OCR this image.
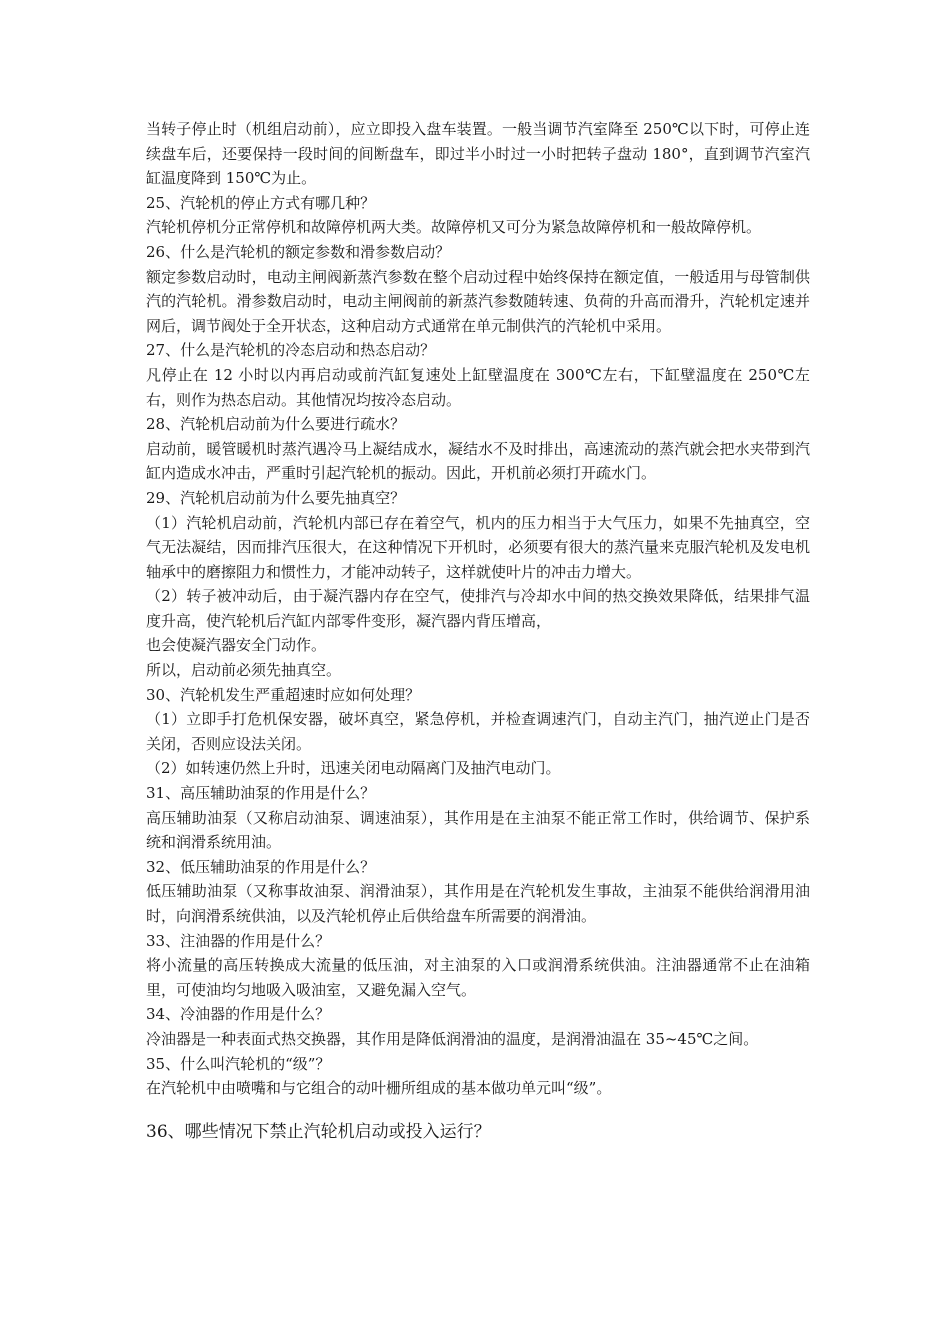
当转子停止时（机组启动前），应立即投入盘车装置。一般当调节汽室降至 250℃以下时，可停止连续盘车后，还要保持一段时间的间断盘车，即过半小时过一小时把转子盘动 180°，直到调节汽室汽缸温度降到 150℃为止。

25、汽轮机的停止方式有哪几种？

汽轮机停机分正常停机和故障停机两大类。故障停机又可分为紧急故障停机和一般故障停机。

26、什么是汽轮机的额定参数和滑参数启动？

额定参数启动时，电动主闸阀新蒸汽参数在整个启动过程中始终保持在额定值，一般适用与母管制供汽的汽轮机。滑参数启动时，电动主闸阀前的新蒸汽参数随转速、负荷的升高而滑升，汽轮机定速并网后，调节阀处于全开状态，这种启动方式通常在单元制供汽的汽轮机中采用。

27、什么是汽轮机的冷态启动和热态启动？

凡停止在 12 小时以内再启动或前汽缸复速处上缸壁温度在 300℃左右，下缸壁温度在 250℃左右，则作为热态启动。其他情况均按冷态启动。

28、汽轮机启动前为什么要进行疏水？

启动前，暖管暖机时蒸汽遇冷马上凝结成水，凝结水不及时排出，高速流动的蒸汽就会把水夹带到汽缸内造成水冲击，严重时引起汽轮机的振动。因此，开机前必须打开疏水门。

29、汽轮机启动前为什么要先抽真空？

（1）汽轮机启动前，汽轮机内部已存在着空气，机内的压力相当于大气压力，如果不先抽真空，空气无法凝结，因而排汽压很大，在这种情况下开机时，必须要有很大的蒸汽量来克服汽轮机及发电机轴承中的磨擦阻力和惯性力，才能冲动转子，这样就使叶片的冲击力增大。

（2）转子被冲动后，由于凝汽器内存在空气，使排汽与冷却水中间的热交换效果降低，结果排气温度升高，使汽轮机后汽缸内部零件变形，凝汽器内背压增高，

也会使凝汽器安全门动作。

所以，启动前必须先抽真空。

30、汽轮机发生严重超速时应如何处理？

（1）立即手打危机保安器，破坏真空，紧急停机，并检查调速汽门，自动主汽门，抽汽逆止门是否关闭，否则应设法关闭。

（2）如转速仍然上升时，迅速关闭电动隔离门及抽汽电动门。

31、高压辅助油泵的作用是什么？

高压辅助油泵（又称启动油泵、调速油泵），其作用是在主油泵不能正常工作时，供给调节、保护系统和润滑系统用油。

32、低压辅助油泵的作用是什么？

低压辅助油泵（又称事故油泵、润滑油泵），其作用是在汽轮机发生事故，主油泵不能供给润滑用油时，向润滑系统供油，以及汽轮机停止后供给盘车所需要的润滑油。

33、注油器的作用是什么？

将小流量的高压转换成大流量的低压油，对主油泵的入口或润滑系统供油。注油器通常不止在油箱里，可使油均匀地吸入吸油室，又避免漏入空气。

34、冷油器的作用是什么？

冷油器是一种表面式热交换器，其作用是降低润滑油的温度，是润滑油温在 35~45℃之间。

35、什么叫汽轮机的“级”？

在汽轮机中由喷嘴和与它组合的动叶栅所组成的基本做功单元叫“级”。

36、哪些情况下禁止汽轮机启动或投入运行？
